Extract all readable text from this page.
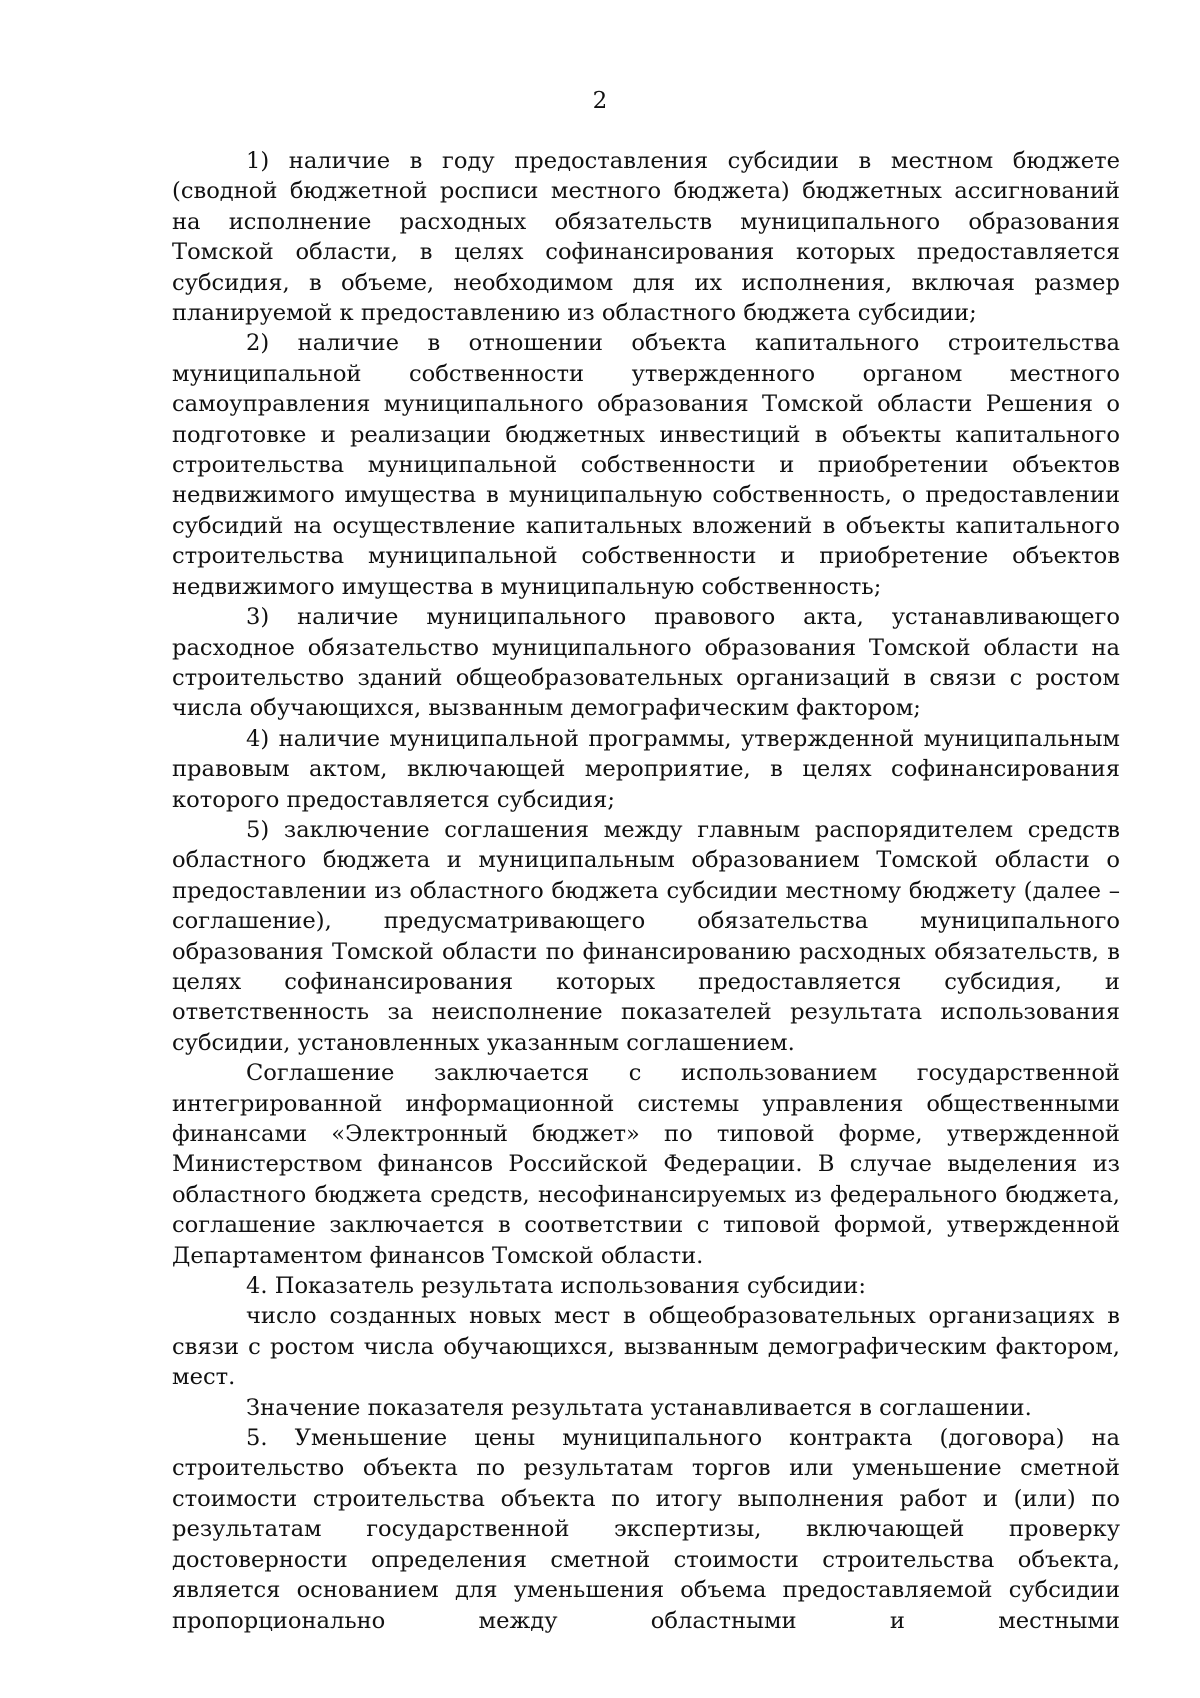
2

1) наличие в году предоставления субсидии в местном бюджете (сводной бюджетной росписи местного бюджета) бюджетных ассигнований на исполнение расходных обязательств муниципального образования Томской области, в целях софинансирования которых предоставляется субсидия, в объеме, необходимом для их исполнения, включая размер планируемой к предоставлению из областного бюджета субсидии;

2) наличие в отношении объекта капитального строительства муниципальной собственности утвержденного органом местного самоуправления муниципального образования Томской области Решения о подготовке и реализации бюджетных инвестиций в объекты капитального строительства муниципальной собственности и приобретении объектов недвижимого имущества в муниципальную собственность, о предоставлении субсидий на осуществление капитальных вложений в объекты капитального строительства муниципальной собственности и приобретение объектов недвижимого имущества в муниципальную собственность;

3) наличие муниципального правового акта, устанавливающего расходное обязательство муниципального образования Томской области на строительство зданий общеобразовательных организаций в связи с ростом числа обучающихся, вызванным демографическим фактором;

4) наличие муниципальной программы, утвержденной муниципальным правовым актом, включающей мероприятие, в целях софинансирования которого предоставляется субсидия;

5) заключение соглашения между главным распорядителем средств областного бюджета и муниципальным образованием Томской области о предоставлении из областного бюджета субсидии местному бюджету (далее – соглашение), предусматривающего обязательства муниципального образования Томской области по финансированию расходных обязательств, в целях софинансирования которых предоставляется субсидия, и ответственность за неисполнение показателей результата использования субсидии, установленных указанным соглашением.

Соглашение заключается с использованием государственной интегрированной информационной системы управления общественными финансами «Электронный бюджет» по типовой форме, утвержденной Министерством финансов Российской Федерации. В случае выделения из областного бюджета средств, несофинансируемых из федерального бюджета, соглашение заключается в соответствии с типовой формой, утвержденной Департаментом финансов Томской области.

4. Показатель результата использования субсидии:

число созданных новых мест в общеобразовательных организациях в связи с ростом числа обучающихся, вызванным демографическим фактором, мест.

Значение показателя результата устанавливается в соглашении.

5. Уменьшение цены муниципального контракта (договора) на строительство объекта по результатам торгов или уменьшение сметной стоимости строительства объекта по итогу выполнения работ и (или) по результатам государственной экспертизы, включающей проверку достоверности определения сметной стоимости строительства объекта, является основанием для уменьшения объема предоставляемой субсидии пропорционально между областными и местными
